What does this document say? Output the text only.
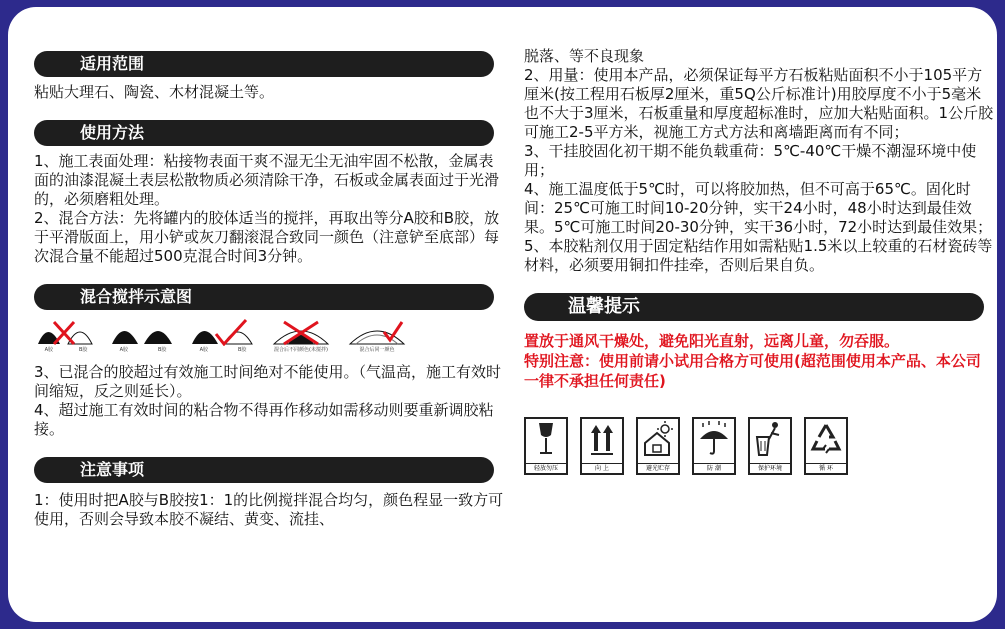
适用范围

粘贴大理石、陶瓷、木材混凝土等。

使用方法

1、施工表面处理：粘接物表面干爽不湿无尘无油牢固不松散，金属表面的油漆混凝土表层松散物质必须清除干净，石板或金属表面过于光滑的，必须磨粗处理。

2、混合方法：先将罐内的胶体适当的搅拌，再取出等分A胶和B胶，放于平滑版面上，用小铲或灰刀翻滚混合致同一颜色（注意铲至底部）每次混合量不能超过500克混合时间3分钟。

混合搅拌示意图
A胶	B胶	A胶	B胶	A胶	B胶	混合后不同颜色(未搅拌)	混合后同一颜色

3、已混合的胶超过有效施工时间绝对不能使用。（气温高，施工有效时间缩短，反之则延长）。

4、超过施工有效时间的粘合物不得再作移动如需移动则要重新调胶粘接。

注意事项

1：使用时把A胶与B胶按1：1的比例搅拌混合均匀，颜色程显一致方可使用，否则会导致本胶不凝结、黄变、流挂、

脱落、等不良现象

2、用量：使用本产品，必须保证每平方石板粘贴面积不小于105平方厘米(按工程用石板厚2厘米，重5Q公斤标准计)用胶厚度不小于5毫米也不大于3厘米，石板重量和厚度超标准时，应加大粘贴面积。1公斤胶可施工2-5平方米，视施工方式方法和离墙距离而有不同；

3、干挂胶固化初干期不能负载重荷：5℃-40℃干燥不潮湿环境中使用；

4、施工温度低于5℃时，可以将胶加热，但不可高于65℃。固化时间：25℃可施工时间10-20分钟，实干24小时，48小时达到最佳效果。5℃可施工时间20-30分钟，实干36小时，72小时达到最佳效果；

5、本胶粘剂仅用于固定粘结作用如需粘贴1.5米以上较重的石材瓷砖等材料，必须要用铜扣件挂牵，否则后果自负。

温馨提示
置放于通风干燥处，避免阳光直射，远离儿童，勿吞服。
特别注意：使用前请小试用合格方可使用(超范围使用本产品、本公司一律不承担任何责任)
轻放勿压	向 上	避光贮存	防 潮	保护环境	循 环
